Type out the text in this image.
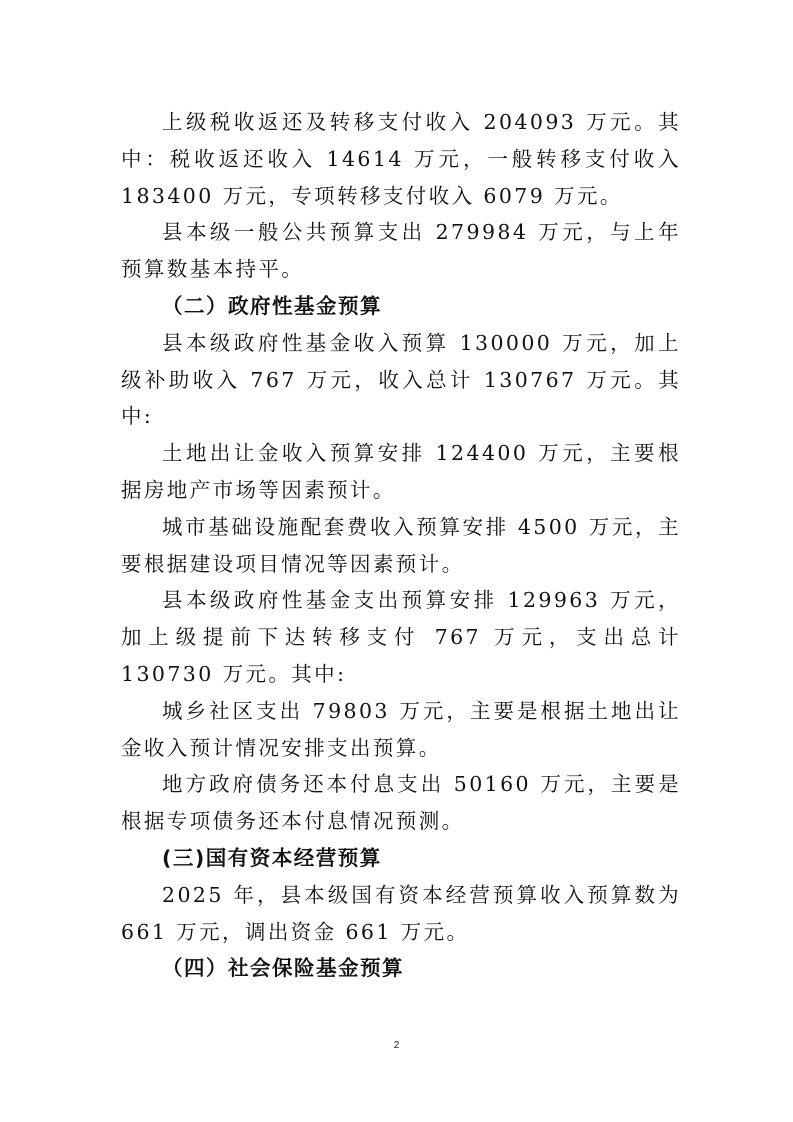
上级税收返还及转移支付收入 204093 万元。其中：税收返还收入 14614 万元，一般转移支付收入 183400 万元，专项转移支付收入 6079 万元。

县本级一般公共预算支出 279984 万元，与上年预算数基本持平。

（二）政府性基金预算

县本级政府性基金收入预算 130000 万元，加上级补助收入 767 万元，收入总计 130767 万元。其中:

土地出让金收入预算安排 124400 万元，主要根据房地产市场等因素预计。

城市基础设施配套费收入预算安排 4500 万元，主要根据建设项目情况等因素预计。

县本级政府性基金支出预算安排 129963 万元，加上级提前下达转移支付 767 万元，支出总计 130730 万元。其中:

城乡社区支出 79803 万元，主要是根据土地出让金收入预计情况安排支出预算。

地方政府债务还本付息支出 50160 万元，主要是根据专项债务还本付息情况预测。

(三)国有资本经营预算

2025 年，县本级国有资本经营预算收入预算数为 661 万元，调出资金 661 万元。

（四）社会保险基金预算

2
